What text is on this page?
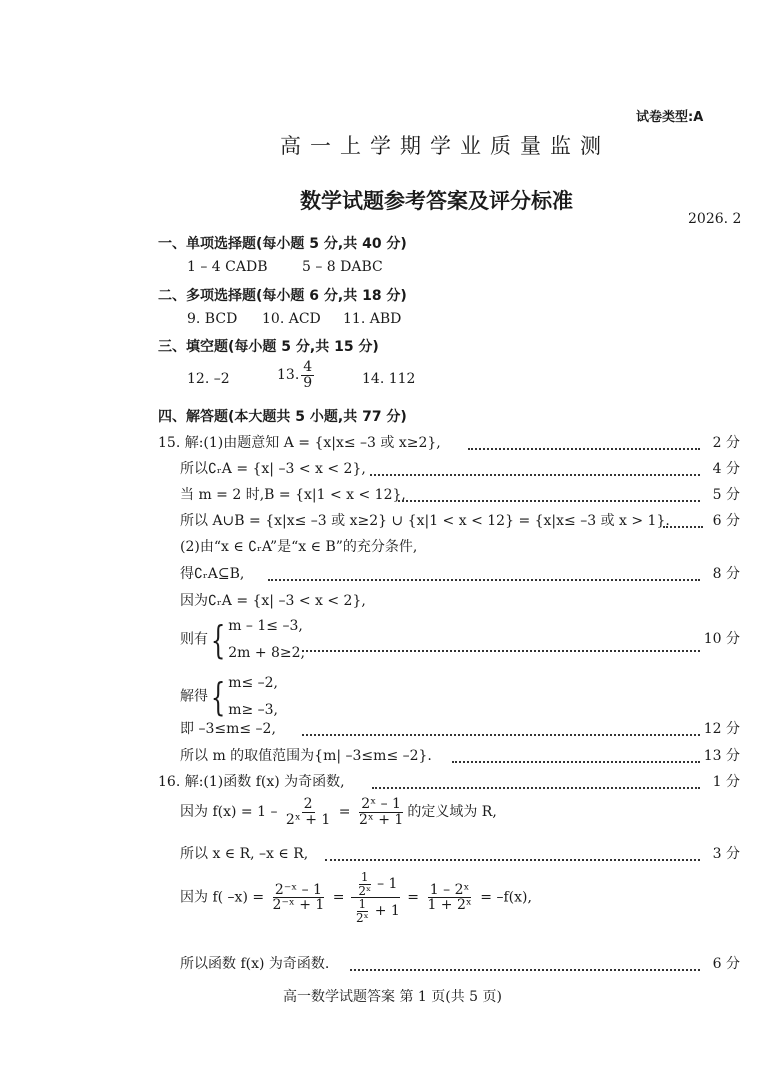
试卷类型:A
高一上学期学业质量监测
数学试题参考答案及评分标准
2026. 2
一、单项选择题(每小题 5 分,共 40 分)
1 – 4 CADB 5 – 8 DABC
二、多项选择题(每小题 6 分,共 18 分)
9. BCD 10. ACD 11. ABD
三、填空题(每小题 5 分,共 15 分)
12. –2	13. $\frac{4}{9}$	14. 112
四、解答题(本大题共 5 小题,共 77 分)
15. 解:(1)由题意知 A = {x|x≤ –3 或 x≥2},	2 分
所以∁ᵣA = {x| –3 < x < 2},	4 分
当 m = 2 时,B = {x|1 < x < 12},	5 分
所以 A∪B = {x|x≤ –3 或 x≥2} ∪ {x|1 < x < 12} = {x|x≤ –3 或 x > 1}.	6 分
(2)由“x ∈ ∁ᵣA”是“x ∈ B”的充分条件,
得∁ᵣA⊆B,	8 分
因为∁ᵣA = {x| –3 < x < 2},
则有{ m – 1≤ –3,
2m + 8≥2,
10 分
解得{ m≤ –2,
m≥ –3,
即 –3≤m≤ –2,	12 分
所以 m 的取值范围为{m| –3≤m≤ –2}.	13 分
16. 解:(1)函数 f(x) 为奇函数,	1 分
因为 $f(x) = 1 - \frac{2}{\text{2ˣ + 1}} = \frac{\text{2ˣ – 1}}{\text{2ˣ + 1}}$ 的定义域为 R,
所以 x ∈ R, –x ∈ R,	3 分
因为 f( $-x) = \frac{\text{2⁻ˣ – 1}}{\text{2⁻ˣ + 1}} = \frac{\frac{1}{\text{2ˣ}} - 1}{\frac{1}{\text{2ˣ}} + 1} = \frac{\text{1 – 2ˣ}}{\text{1 + 2ˣ}} = -f(x)$,
所以函数 f(x) 为奇函数.	6 分
高一数学试题答案 第 1 页(共 5 页)
